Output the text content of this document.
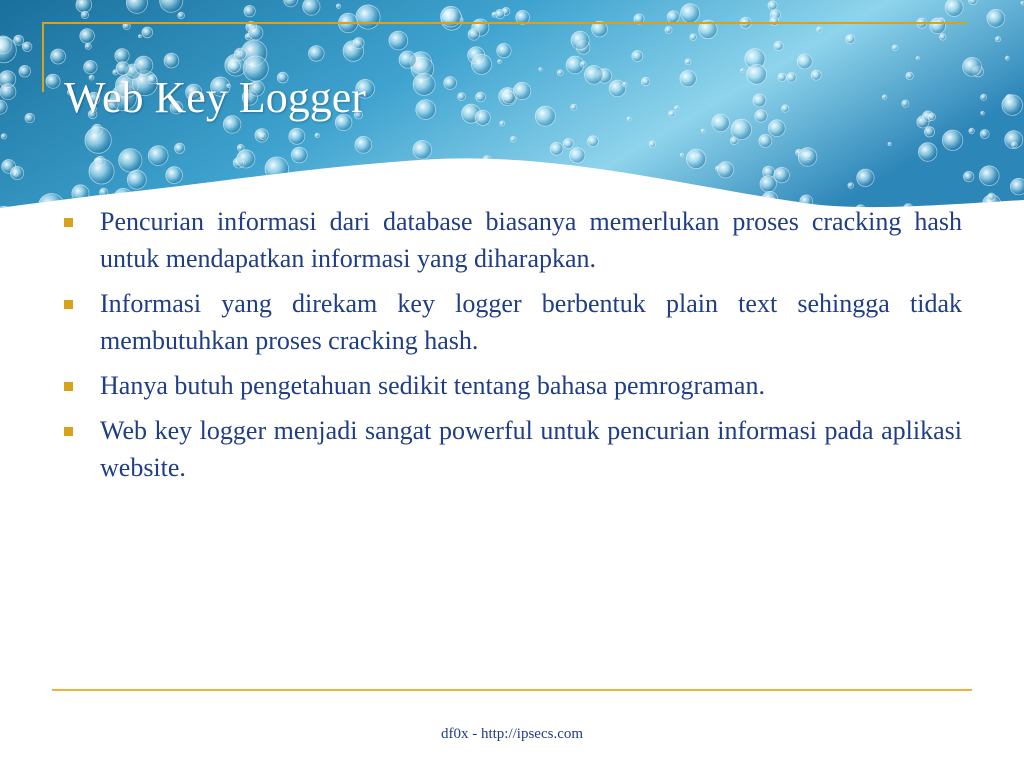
Web Key Logger
Pencurian informasi dari database biasanya memerlukan proses cracking hash untuk mendapatkan informasi yang diharapkan.
Informasi yang direkam key logger berbentuk plain text sehingga tidak membutuhkan proses cracking hash.
Hanya butuh pengetahuan sedikit tentang bahasa pemrograman.
Web key logger menjadi sangat powerful untuk pencurian informasi pada aplikasi website.
df0x - http://ipsecs.com
